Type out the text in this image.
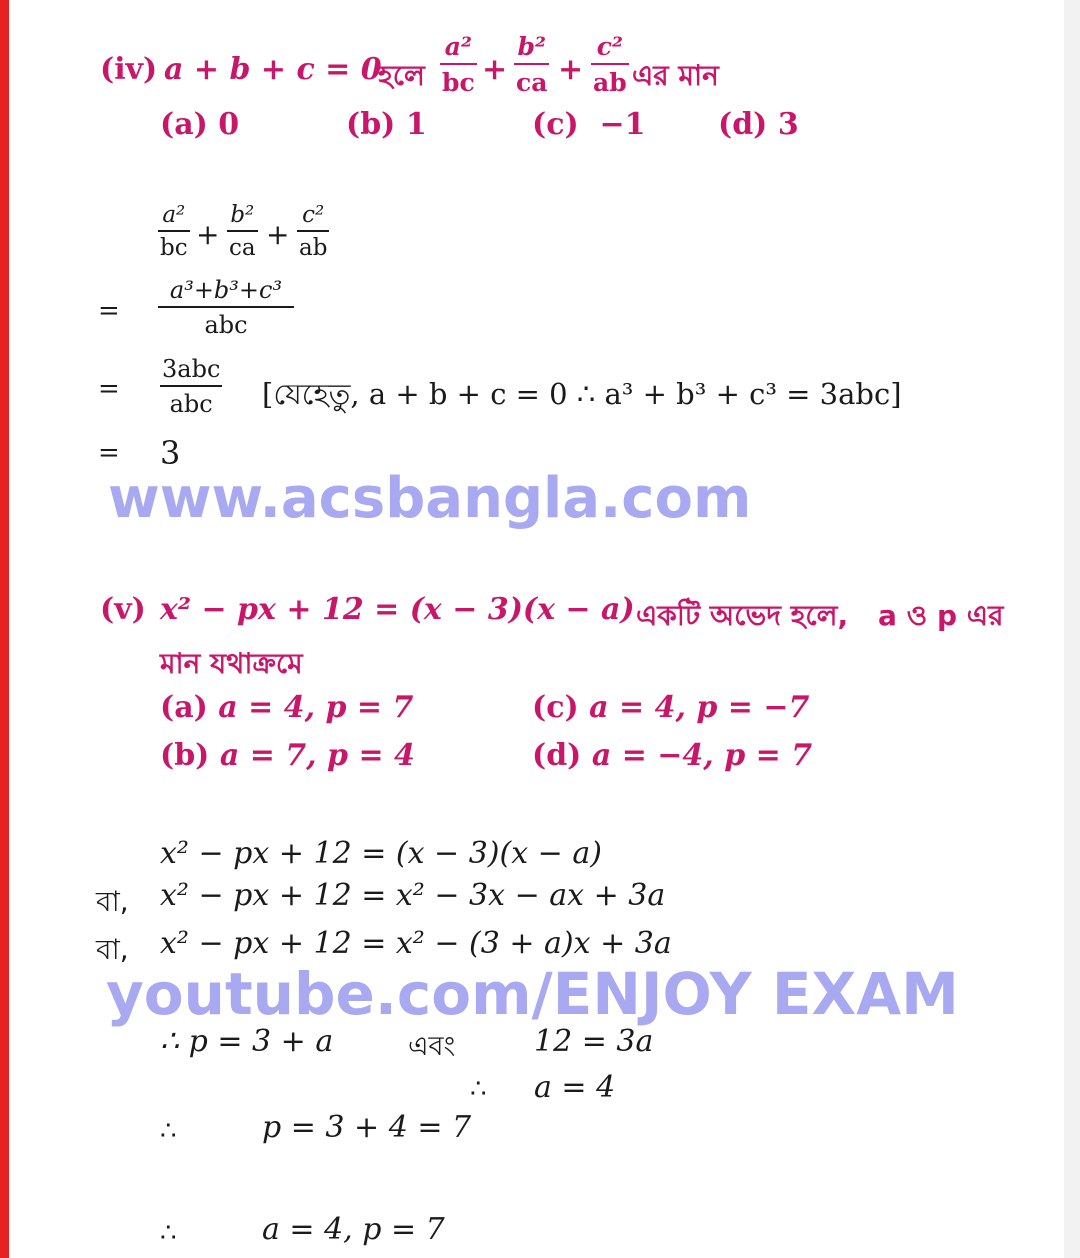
(iv) a + b + c = 0
হলে
a²
bc +
b²
ca +
c²
ab এর মান
(a) 0	(b) 1	(c) −1 (d) 3
a²
bc +
b²
ca +
c²
ab
=
a³+b³+c³
abc
=
3abc
abc [যেহেতু, a + b + c = 0 ∴ a³ + b³ + c³ = 3abc]
= 3
www.acsbangla.com
(v) x² − px + 12 = (x − 3)(x − a) একটি অভেদ হলে, a ও p এর
মান যথাক্রমে
(a) a = 4, p = 7	(c) a = 4, p = −7
(b) a = 7, p = 4	(d) a = −4, p = 7
x² − px + 12 = (x − 3)(x − a)
বা, x² − px + 12 = x² − 3x − ax + 3a
বা, x² − px + 12 = x² − (3 + a)x + 3a
youtube.com/ENJOY EXAM
∴ p = 3 + a	এবং	12 = 3a
∴ a = 4
∴	p = 3 + 4 = 7
∴	a = 4, p = 7
